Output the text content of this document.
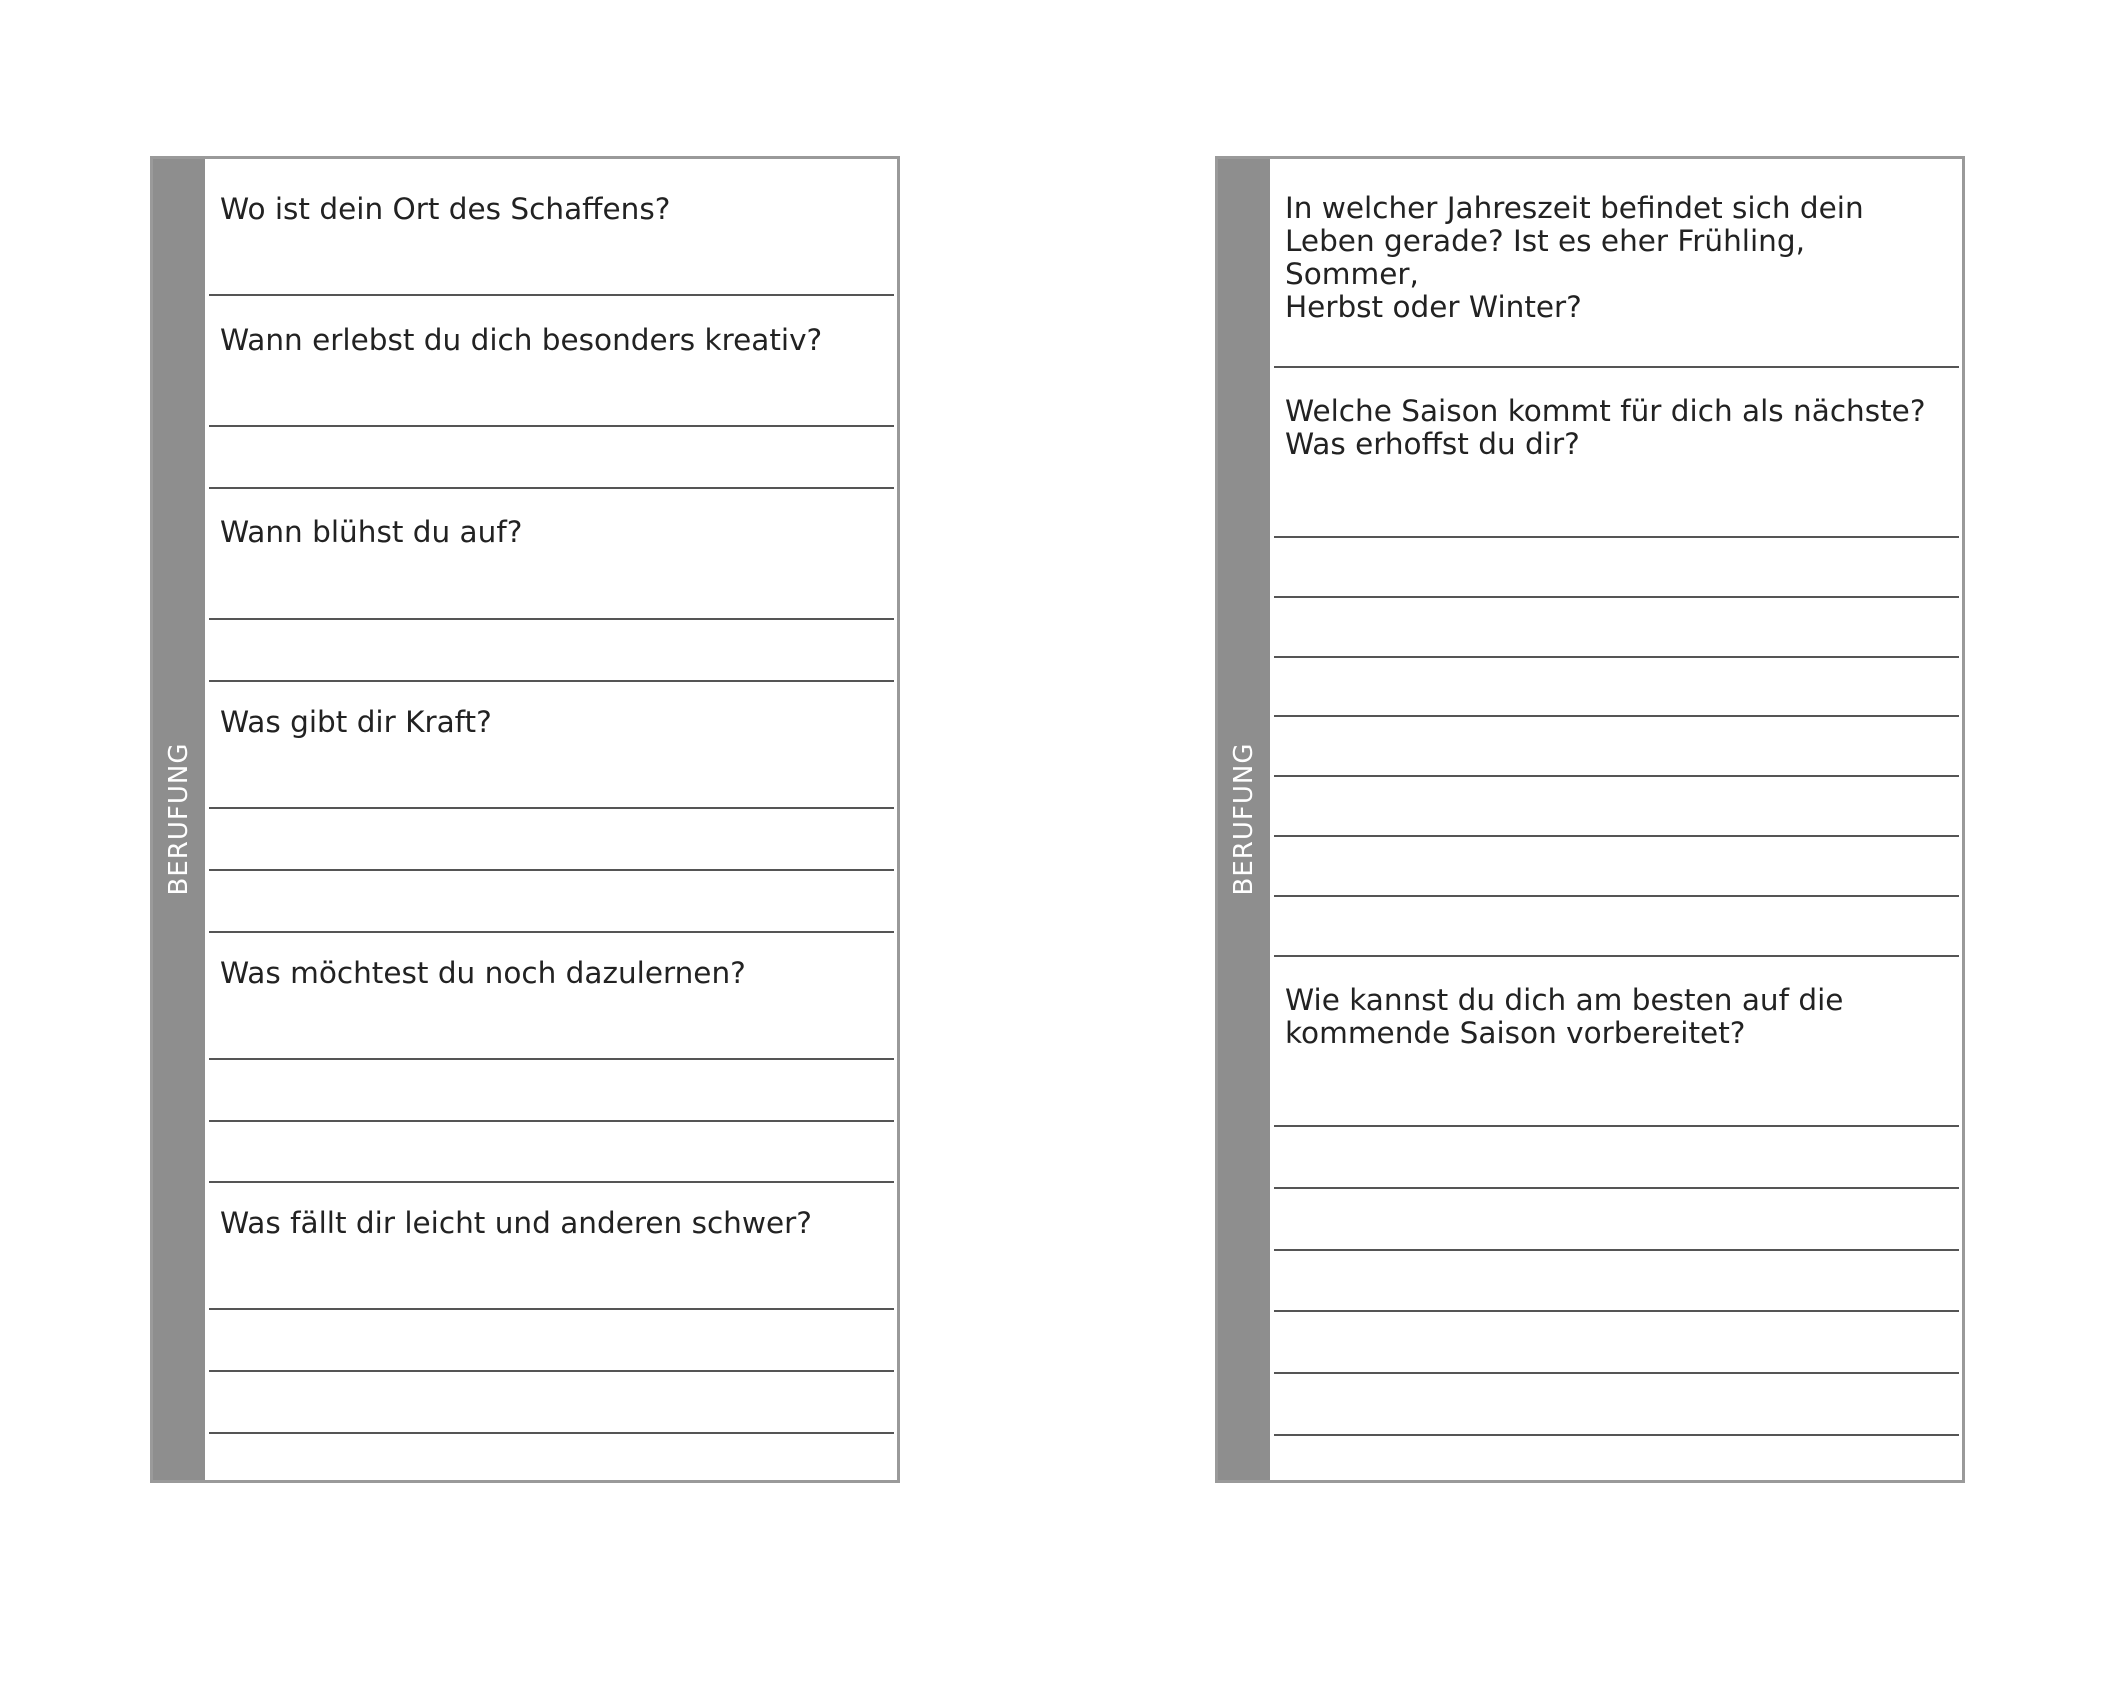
BERUFUNG

Wo ist dein Ort des Schaffens?

Wann erlebst du dich besonders kreativ?

Wann blühst du auf?

Was gibt dir Kraft?

Was möchtest du noch dazulernen?

Was fällt dir leicht und anderen schwer?

BERUFUNG

In welcher Jahreszeit befindet sich dein
Leben gerade? Ist es eher Frühling, Sommer,
Herbst oder Winter?

Welche Saison kommt für dich als nächste?
Was erhoffst du dir?

Wie kannst du dich am besten auf die
kommende Saison vorbereitet?
